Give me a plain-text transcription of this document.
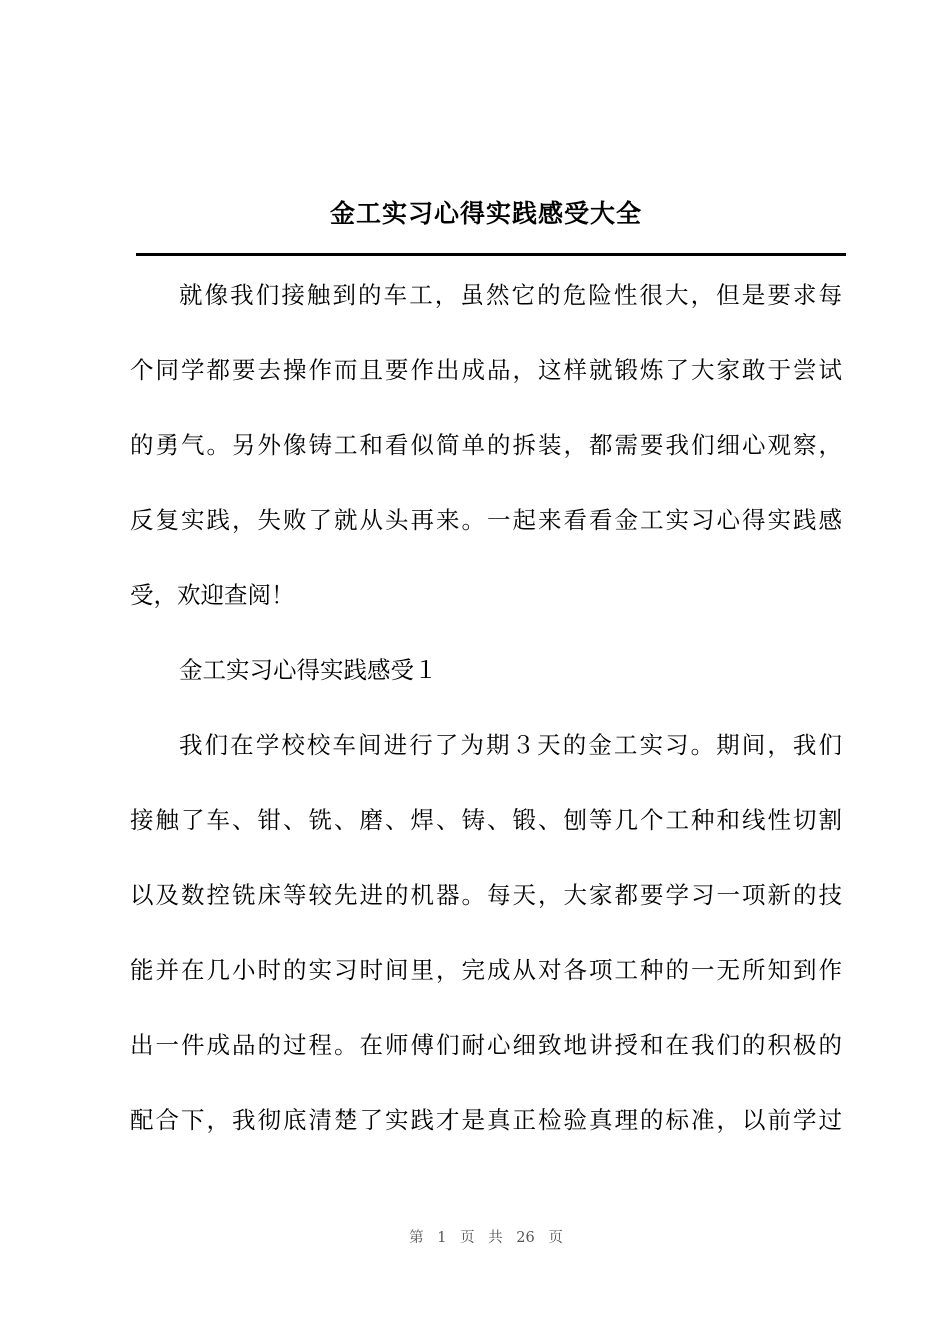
金工实习心得实践感受大全
就像我们接触到的车工，虽然它的危险性很大，但是要求每
个同学都要去操作而且要作出成品，这样就锻炼了大家敢于尝试
的勇气。另外像铸工和看似简单的拆装，都需要我们细心观察，
反复实践，失败了就从头再来。一起来看看金工实习心得实践感
受，欢迎查阅！
金工实习心得实践感受１
我们在学校校车间进行了为期３天的金工实习。期间，我们
接触了车、钳、铣、磨、焊、铸、锻、刨等几个工种和线性切割
以及数控铣床等较先进的机器。每天，大家都要学习一项新的技
能并在几小时的实习时间里，完成从对各项工种的一无所知到作
出一件成品的过程。在师傅们耐心细致地讲授和在我们的积极的
配合下，我彻底清楚了实践才是真正检验真理的标准，以前学过
第 1 页 共 26 页
